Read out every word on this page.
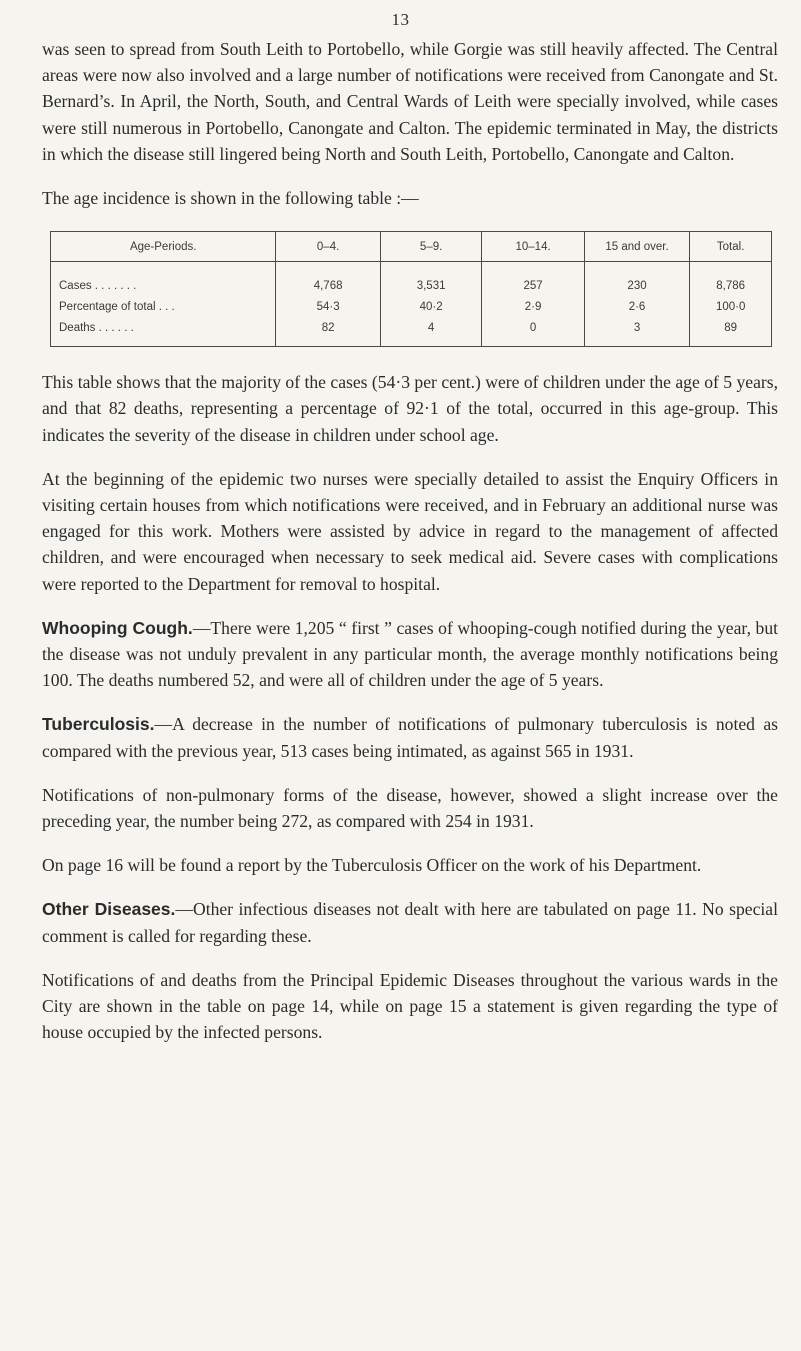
13

was seen to spread from South Leith to Portobello, while Gorgie was still heavily affected. The Central areas were now also involved and a large number of notifications were received from Canongate and St. Bernard’s. In April, the North, South, and Central Wards of Leith were specially involved, while cases were still numerous in Portobello, Canongate and Calton. The epidemic terminated in May, the districts in which the disease still lingered being North and South Leith, Portobello, Canongate and Calton.

The age incidence is shown in the following table :—

Age-Periods.	0–4.	5–9.	10–14.	15 and over.	Total.
Cases . . . . . . .	4,768	3,531	257	230	8,786
Percentage of total . . .	54·3	40·2	2·9	2·6	100·0
Deaths . . . . . .	82	4	0	3	89

This table shows that the majority of the cases (54·3 per cent.) were of children under the age of 5 years, and that 82 deaths, representing a percentage of 92·1 of the total, occurred in this age-group. This indicates the severity of the disease in children under school age.

At the beginning of the epidemic two nurses were specially detailed to assist the Enquiry Officers in visiting certain houses from which notifications were received, and in February an additional nurse was engaged for this work. Mothers were assisted by advice in regard to the management of affected children, and were encouraged when necessary to seek medical aid. Severe cases with complications were reported to the Department for removal to hospital.

Whooping Cough.—There were 1,205 “ first ” cases of whooping-cough notified during the year, but the disease was not unduly prevalent in any particular month, the average monthly notifications being 100. The deaths numbered 52, and were all of children under the age of 5 years.

Tuberculosis.—A decrease in the number of notifications of pulmonary tuberculosis is noted as compared with the previous year, 513 cases being intimated, as against 565 in 1931.

Notifications of non-pulmonary forms of the disease, however, showed a slight increase over the preceding year, the number being 272, as compared with 254 in 1931.

On page 16 will be found a report by the Tuberculosis Officer on the work of his Department.

Other Diseases.—Other infectious diseases not dealt with here are tabulated on page 11. No special comment is called for regarding these.

Notifications of and deaths from the Principal Epidemic Diseases throughout the various wards in the City are shown in the table on page 14, while on page 15 a statement is given regarding the type of house occupied by the infected persons.
